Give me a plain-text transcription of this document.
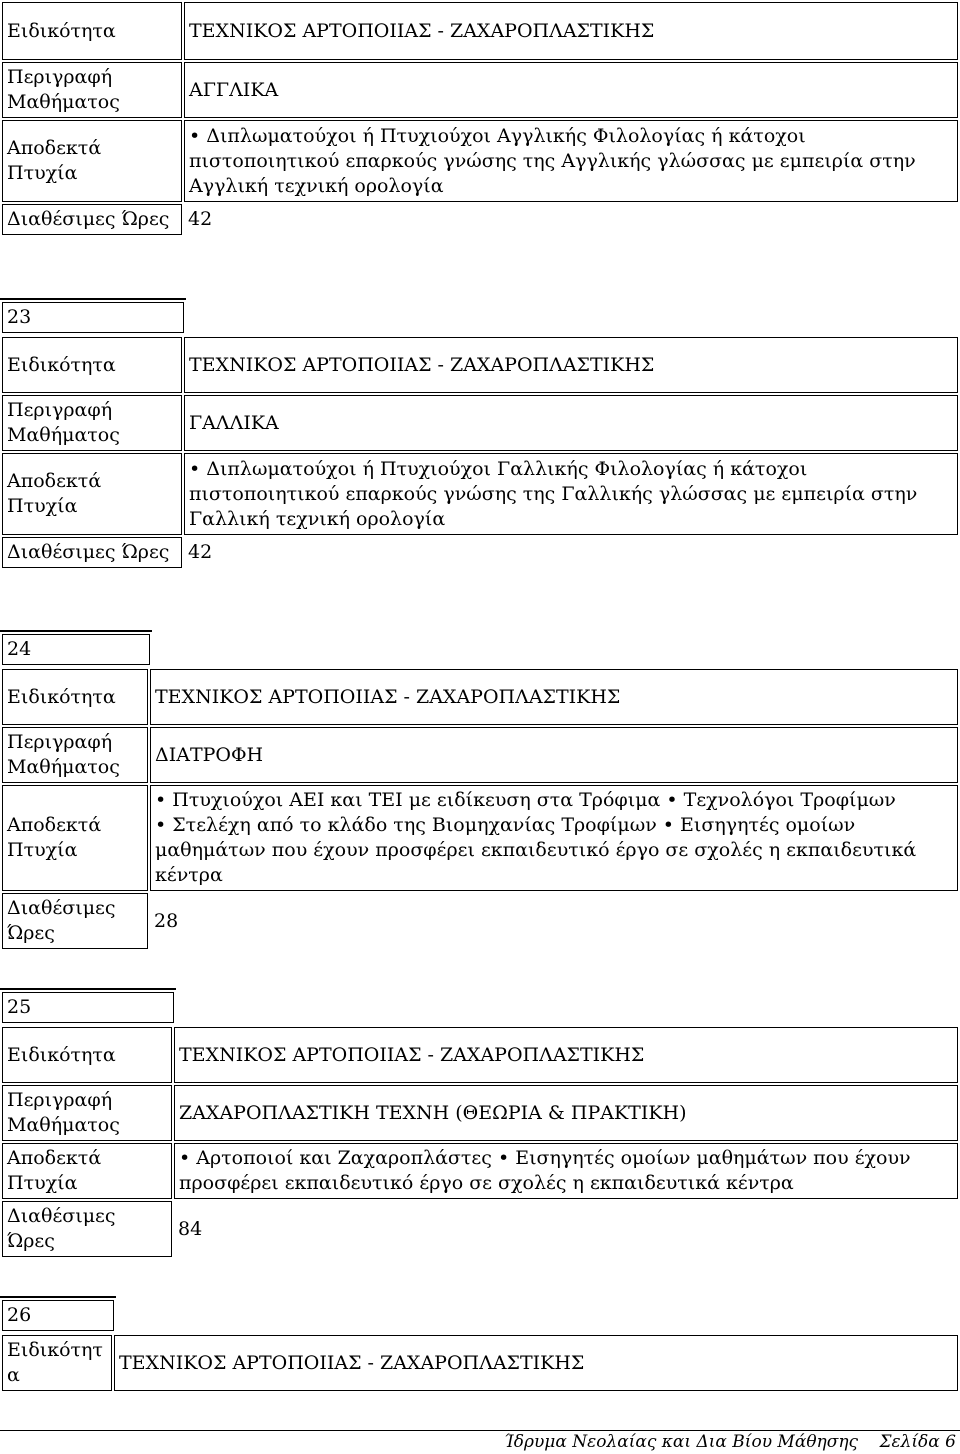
Ειδικότητα	ΤΕΧΝΙΚΟΣ ΑΡΤΟΠΟΙΙΑΣ - ΖΑΧΑΡΟΠΛΑΣΤΙΚΗΣ
Περιγραφή Μαθήματος	ΑΓΓΛΙΚΑ
Αποδεκτά Πτυχία	• Διπλωματούχοι ή Πτυχιούχοι Αγγλικής Φιλολογίας ή κάτοχοι πιστοποιητικού επαρκούς γνώσης της Αγγλικής γλώσσας με εμπειρία στην Αγγλική τεχνική ορολογία
Διαθέσιμες Ώρες	42
23
Ειδικότητα	ΤΕΧΝΙΚΟΣ ΑΡΤΟΠΟΙΙΑΣ - ΖΑΧΑΡΟΠΛΑΣΤΙΚΗΣ
Περιγραφή Μαθήματος	ΓΑΛΛΙΚΑ
Αποδεκτά Πτυχία	• Διπλωματούχοι ή Πτυχιούχοι Γαλλικής Φιλολογίας ή κάτοχοι πιστοποιητικού επαρκούς γνώσης της Γαλλικής γλώσσας με εμπειρία στην Γαλλική τεχνική ορολογία
Διαθέσιμες Ώρες	42
24
Ειδικότητα	ΤΕΧΝΙΚΟΣ ΑΡΤΟΠΟΙΙΑΣ - ΖΑΧΑΡΟΠΛΑΣΤΙΚΗΣ
Περιγραφή Μαθήματος	ΔΙΑΤΡΟΦΗ
Αποδεκτά Πτυχία	• Πτυχιούχοι ΑΕΙ και ΤΕΙ με ειδίκευση στα Τρόφιμα • Τεχνολόγοι Τροφίμων • Στελέχη από το κλάδο της Βιομηχανίας Τροφίμων • Εισηγητές ομοίων μαθημάτων που έχουν προσφέρει εκπαιδευτικό έργο σε σχολές η εκπαιδευτικά κέντρα
Διαθέσιμες Ώρες	28
25
Ειδικότητα	ΤΕΧΝΙΚΟΣ ΑΡΤΟΠΟΙΙΑΣ - ΖΑΧΑΡΟΠΛΑΣΤΙΚΗΣ
Περιγραφή Μαθήματος	ΖΑΧΑΡΟΠΛΑΣΤΙΚΗ ΤΕΧΝΗ (ΘΕΩΡΙΑ & ΠΡΑΚΤΙΚΗ)
Αποδεκτά Πτυχία	• Αρτοποιοί και Ζαχαροπλάστες • Εισηγητές ομοίων μαθημάτων που έχουν προσφέρει εκπαιδευτικό έργο σε σχολές η εκπαιδευτικά κέντρα
Διαθέσιμες Ώρες	84
26
Ειδικότητ α	ΤΕΧΝΙΚΟΣ ΑΡΤΟΠΟΙΙΑΣ - ΖΑΧΑΡΟΠΛΑΣΤΙΚΗΣ
Ίδρυμα Νεολαίας και Δια Βίου Μάθησης Σελίδα 6
